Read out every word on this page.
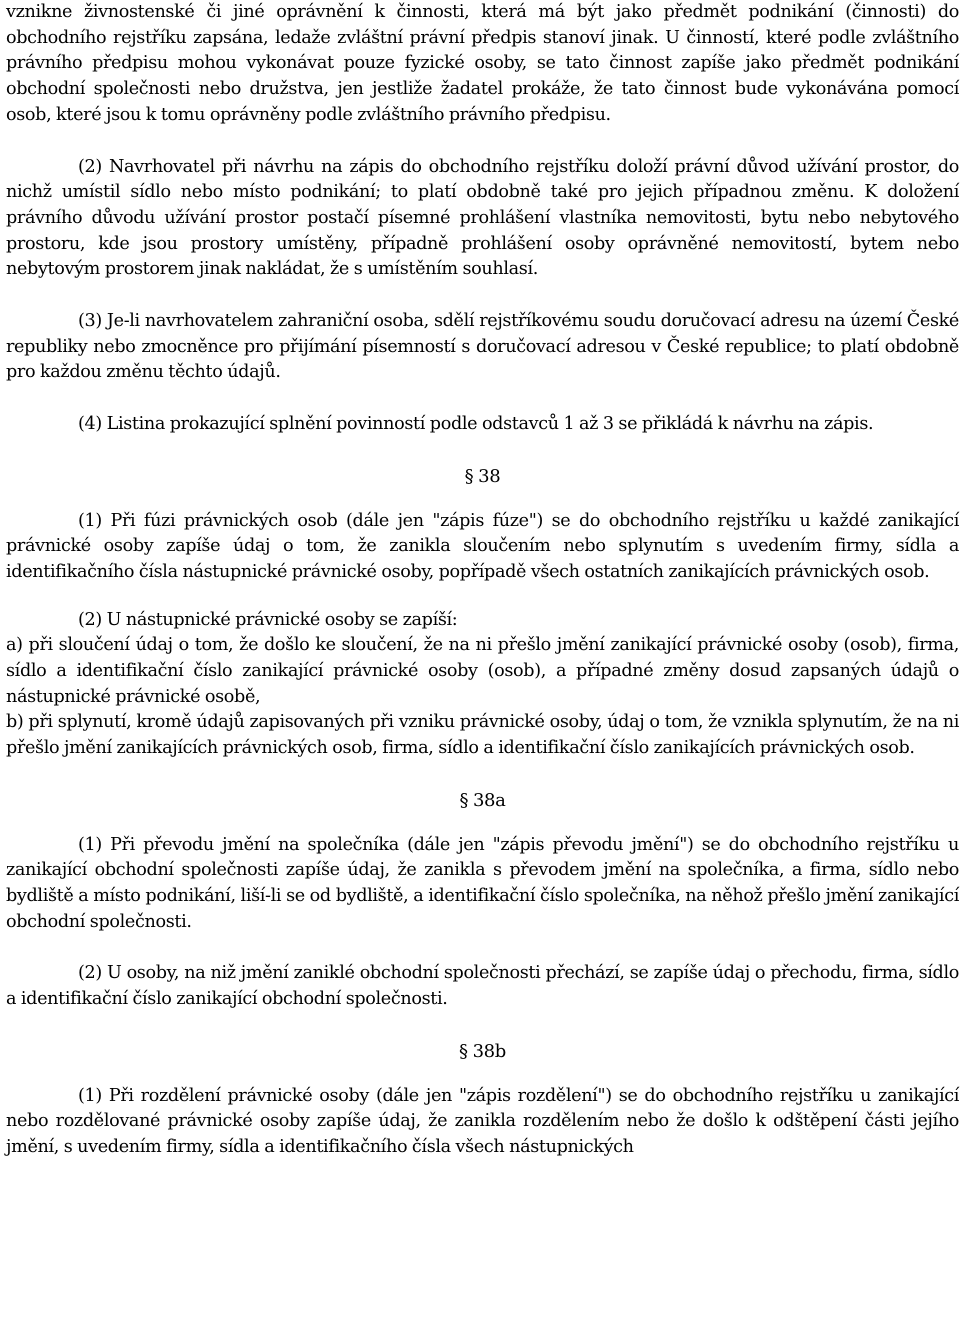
vznikne živnostenské či jiné oprávnění k činnosti, která má být jako předmět podnikání (činnosti) do obchodního rejstříku zapsána, ledaže zvláštní právní předpis stanoví jinak. U činností, které podle zvláštního právního předpisu mohou vykonávat pouze fyzické osoby, se tato činnost zapíše jako předmět podnikání obchodní společnosti nebo družstva, jen jestliže žadatel prokáže, že tato činnost bude vykonávána pomocí osob, které jsou k tomu oprávněny podle zvláštního právního předpisu.

(2) Navrhovatel při návrhu na zápis do obchodního rejstříku doloží právní důvod užívání prostor, do nichž umístil sídlo nebo místo podnikání; to platí obdobně také pro jejich případnou změnu. K doložení právního důvodu užívání prostor postačí písemné prohlášení vlastníka nemovitosti, bytu nebo nebytového prostoru, kde jsou prostory umístěny, případně prohlášení osoby oprávněné nemovitostí, bytem nebo nebytovým prostorem jinak nakládat, že s umístěním souhlasí.

(3) Je-li navrhovatelem zahraniční osoba, sdělí rejstříkovému soudu doručovací adresu na území České republiky nebo zmocněnce pro přijímání písemností s doručovací adresou v České republice; to platí obdobně pro každou změnu těchto údajů.

(4) Listina prokazující splnění povinností podle odstavců 1 až 3 se přikládá k návrhu na zápis.

§ 38

(1) Při fúzi právnických osob (dále jen "zápis fúze") se do obchodního rejstříku u každé zanikající právnické osoby zapíše údaj o tom, že zanikla sloučením nebo splynutím s uvedením firmy, sídla a identifikačního čísla nástupnické právnické osoby, popřípadě všech ostatních zanikajících právnických osob.

(2) U nástupnické právnické osoby se zapíší:

a) při sloučení údaj o tom, že došlo ke sloučení, že na ni přešlo jmění zanikající právnické osoby (osob), firma, sídlo a identifikační číslo zanikající právnické osoby (osob), a případné změny dosud zapsaných údajů o nástupnické právnické osobě,

b) při splynutí, kromě údajů zapisovaných při vzniku právnické osoby, údaj o tom, že vznikla splynutím, že na ni přešlo jmění zanikajících právnických osob, firma, sídlo a identifikační číslo zanikajících právnických osob.

§ 38a

(1) Při převodu jmění na společníka (dále jen "zápis převodu jmění") se do obchodního rejstříku u zanikající obchodní společnosti zapíše údaj, že zanikla s převodem jmění na společníka, a firma, sídlo nebo bydliště a místo podnikání, liší-li se od bydliště, a identifikační číslo společníka, na něhož přešlo jmění zanikající obchodní společnosti.

(2) U osoby, na niž jmění zaniklé obchodní společnosti přechází, se zapíše údaj o přechodu, firma, sídlo a identifikační číslo zanikající obchodní společnosti.

§ 38b

(1) Při rozdělení právnické osoby (dále jen "zápis rozdělení") se do obchodního rejstříku u zanikající nebo rozdělované právnické osoby zapíše údaj, že zanikla rozdělením nebo že došlo k odštěpení části jejího jmění, s uvedením firmy, sídla a identifikačního čísla všech nástupnických
